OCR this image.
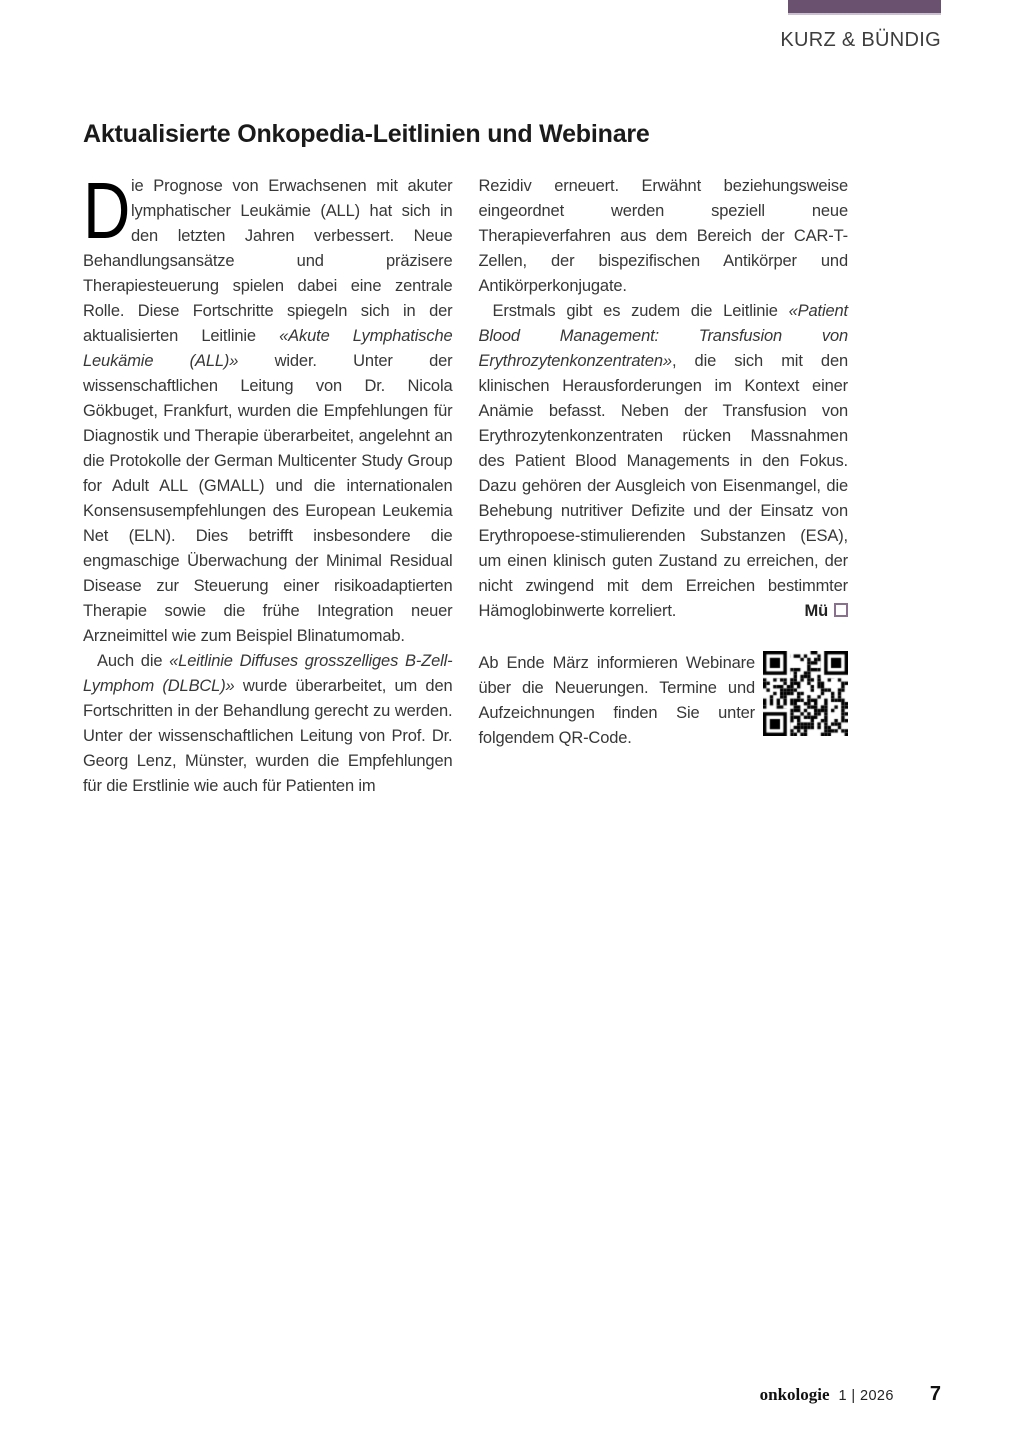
KURZ & BÜNDIG
Aktualisierte Onkopedia-Leitlinien und Webinare

Die Prognose von Erwachsenen mit akuter lymphatischer Leukämie (ALL) hat sich in den letzten Jahren verbessert. Neue Behandlungsansätze und präzisere Therapiesteuerung spielen dabei eine zentrale Rolle. Diese Fortschritte spiegeln sich in der aktualisierten Leitlinie «Akute Lymphatische Leukämie (ALL)» wider. Unter der wissenschaftlichen Leitung von Dr. Nicola Gökbuget, Frankfurt, wurden die Empfehlungen für Diagnostik und Therapie überarbeitet, angelehnt an die Protokolle der German Multicenter Study Group for Adult ALL (GMALL) und die internationalen Konsensusempfehlungen des European Leukemia Net (ELN). Dies betrifft insbesondere die engmaschige Überwachung der Minimal Residual Disease zur Steuerung einer risikoadaptierten Therapie sowie die frühe Integration neuer Arzneimittel wie zum Beispiel Blinatumomab.

Auch die «Leitlinie Diffuses grosszelliges B-Zell-Lymphom (DLBCL)» wurde überarbeitet, um den Fortschritten in der Behandlung gerecht zu werden. Unter der wissenschaftlichen Leitung von Prof. Dr. Georg Lenz, Münster, wurden die Empfehlungen für die Erstlinie wie auch für Patienten im

Rezidiv erneuert. Erwähnt beziehungsweise eingeordnet werden speziell neue Therapieverfahren aus dem Bereich der CAR-T-Zellen, der bispezifischen Antikörper und Antikörperkonjugate.

Erstmals gibt es zudem die Leitlinie «Patient Blood Management: Transfusion von Erythrozytenkonzentraten», die sich mit den klinischen Herausforderungen im Kontext einer Anämie befasst. Neben der Transfusion von Erythrozytenkonzentraten rücken Massnahmen des Patient Blood Managements in den Fokus. Dazu gehören der Ausgleich von Eisenmangel, die Behebung nutritiver Defizite und der Einsatz von Erythropoese-stimulierenden Substanzen (ESA), um einen klinisch guten Zustand zu erreichen, der nicht zwingend mit dem Erreichen bestimmter Hämoglobinwerte korreliert.	Mü

Ab Ende März informieren Webinare über die Neuerungen. Termine und Aufzeichnungen finden Sie unter folgendem QR-Code.

onkologie 1 | 2026 7
